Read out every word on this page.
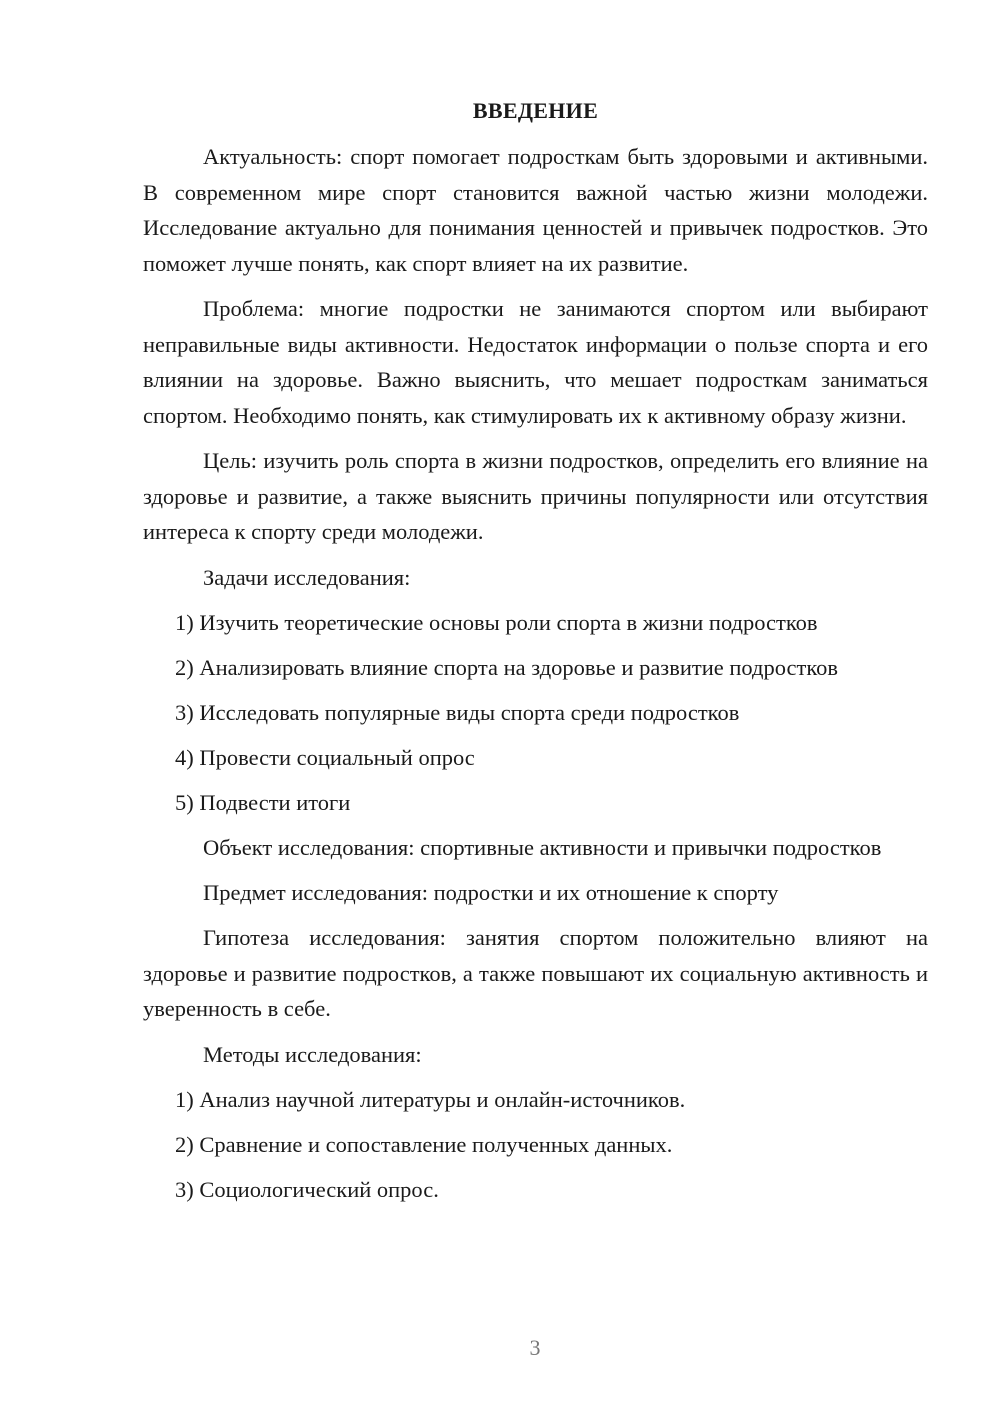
ВВЕДЕНИЕ

Актуальность: спорт помогает подросткам быть здоровыми и активными. В современном мире спорт становится важной частью жизни молодежи. Исследование актуально для понимания ценностей и привычек подростков. Это поможет лучше понять, как спорт влияет на их развитие.

Проблема: многие подростки не занимаются спортом или выбирают неправильные виды активности. Недостаток информации о пользе спорта и его влиянии на здоровье. Важно выяснить, что мешает подросткам заниматься спортом. Необходимо понять, как стимулировать их к активному образу жизни.

Цель: изучить роль спорта в жизни подростков, определить его влияние на здоровье и развитие, а также выяснить причины популярности или отсутствия интереса к спорту среди молодежи.

Задачи исследования:

1) Изучить теоретические основы роли спорта в жизни подростков

2) Анализировать влияние спорта на здоровье и развитие подростков

3) Исследовать популярные виды спорта среди подростков

4) Провести социальный опрос

5) Подвести итоги

Объект исследования: спортивные активности и привычки подростков

Предмет исследования: подростки и их отношение к спорту

Гипотеза исследования: занятия спортом положительно влияют на здоровье и развитие подростков, а также повышают их социальную активность и уверенность в себе.

Методы исследования:

1) Анализ научной литературы и онлайн-источников.

2) Сравнение и сопоставление полученных данных.

3) Социологический опрос.

3
